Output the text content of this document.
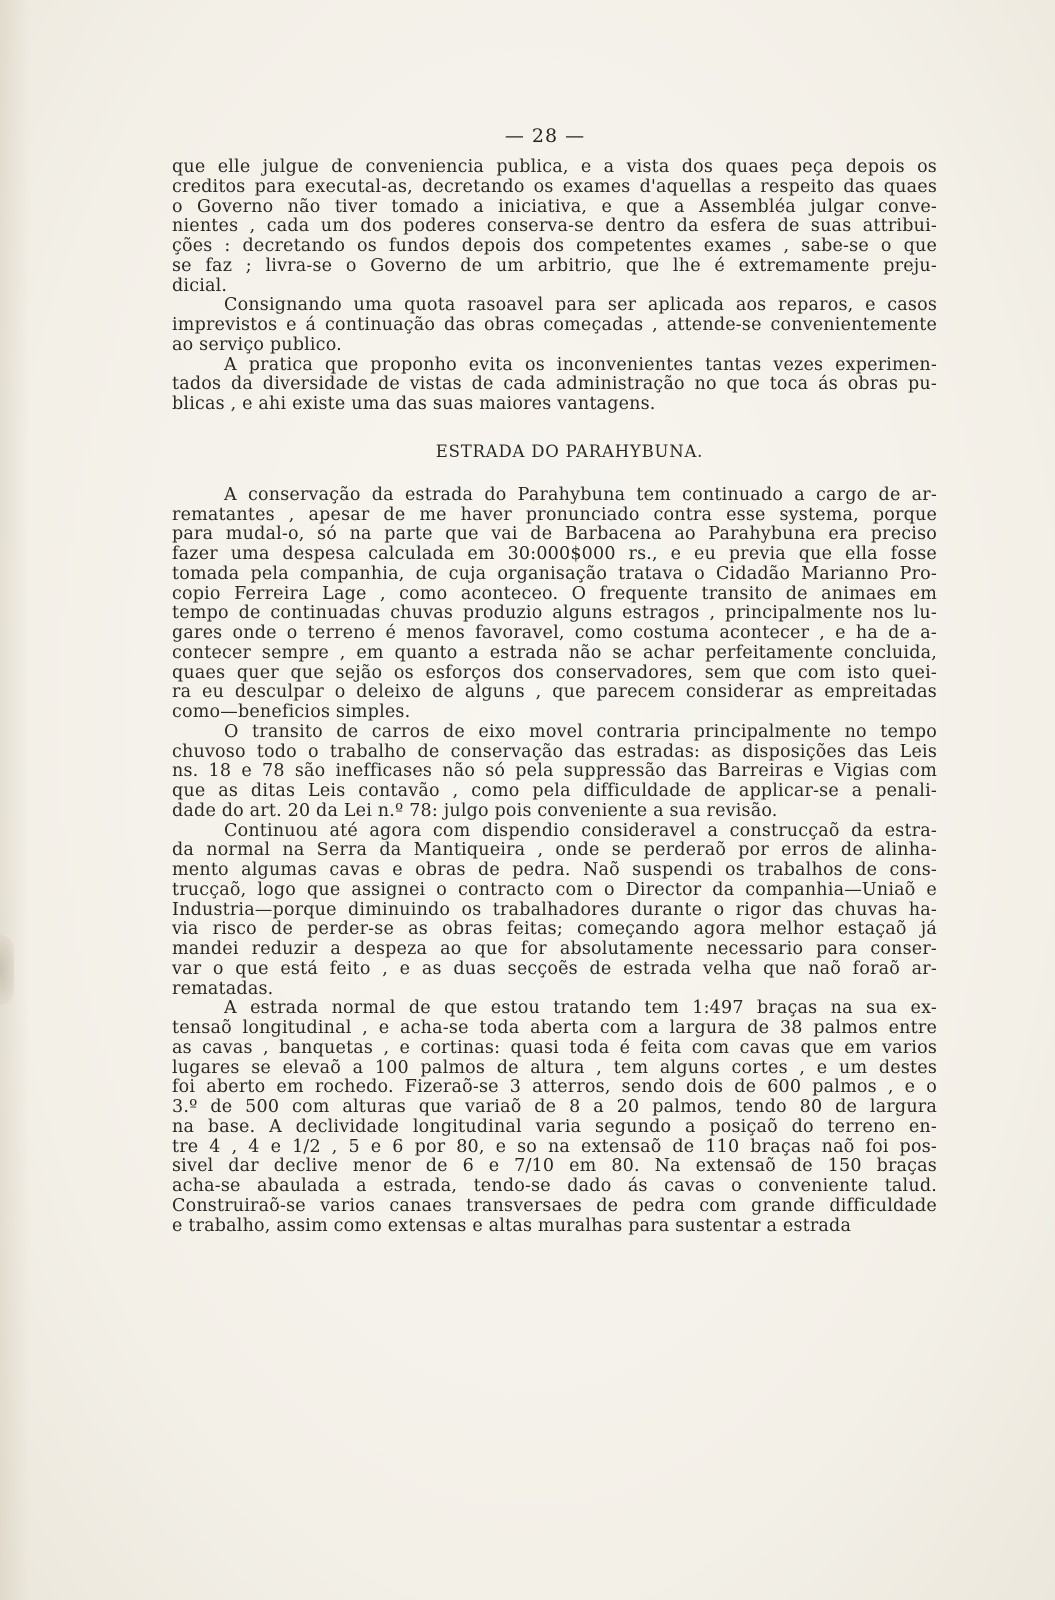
— 28 —
que elle julgue de conveniencia publica, e a vista dos quaes peça depois os
creditos para executal-as, decretando os exames d'aquellas a respeito das quaes
o Governo não tiver tomado a iniciativa, e que a Assembléa julgar conve-
nientes , cada um dos poderes conserva-se dentro da esfera de suas attribui-
ções : decretando os fundos depois dos competentes exames , sabe-se o que
se faz ; livra-se o Governo de um arbitrio, que lhe é extremamente preju-
dicial.
Consignando uma quota rasoavel para ser aplicada aos reparos, e casos
imprevistos e á continuação das obras começadas , attende-se convenientemente
ao serviço publico.
A pratica que proponho evita os inconvenientes tantas vezes experimen-
tados da diversidade de vistas de cada administração no que toca ás obras pu-
blicas , e ahi existe uma das suas maiores vantagens.
ESTRADA DO PARAHYBUNA.
A conservação da estrada do Parahybuna tem continuado a cargo de ar-
rematantes , apesar de me haver pronunciado contra esse systema, porque
para mudal-o, só na parte que vai de Barbacena ao Parahybuna era preciso
fazer uma despesa calculada em 30:000$000 rs., e eu previa que ella fosse
tomada pela companhia, de cuja organisação tratava o Cidadão Marianno Pro-
copio Ferreira Lage , como aconteceo. O frequente transito de animaes em
tempo de continuadas chuvas produzio alguns estragos , principalmente nos lu-
gares onde o terreno é menos favoravel, como costuma acontecer , e ha de a-
contecer sempre , em quanto a estrada não se achar perfeitamente concluida,
quaes quer que sejão os esforços dos conservadores, sem que com isto quei-
ra eu desculpar o deleixo de alguns , que parecem considerar as empreitadas
como—beneficios simples.
O transito de carros de eixo movel contraria principalmente no tempo
chuvoso todo o trabalho de conservação das estradas: as disposições das Leis
ns. 18 e 78 são inefficases não só pela suppressão das Barreiras e Vigias com
que as ditas Leis contavão , como pela difficuldade de applicar-se a penali-
dade do art. 20 da Lei n.º 78: julgo pois conveniente a sua revisão.
Continuou até agora com dispendio consideravel a construcçaõ da estra-
da normal na Serra da Mantiqueira , onde se perderaõ por erros de alinha-
mento algumas cavas e obras de pedra. Naõ suspendi os trabalhos de cons-
trucçaõ, logo que assignei o contracto com o Director da companhia—Uniaõ e
Industria—porque diminuindo os trabalhadores durante o rigor das chuvas ha-
via risco de perder-se as obras feitas; começando agora melhor estaçaõ já
mandei reduzir a despeza ao que for absolutamente necessario para conser-
var o que está feito , e as duas secçoẽs de estrada velha que naõ foraõ ar-
rematadas.
A estrada normal de que estou tratando tem 1:497 braças na sua ex-
tensaõ longitudinal , e acha-se toda aberta com a largura de 38 palmos entre
as cavas , banquetas , e cortinas: quasi toda é feita com cavas que em varios
lugares se elevaõ a 100 palmos de altura , tem alguns cortes , e um destes
foi aberto em rochedo. Fizeraõ-se 3 atterros, sendo dois de 600 palmos , e o
3.º de 500 com alturas que variaõ de 8 a 20 palmos, tendo 80 de largura
na base. A declividade longitudinal varia segundo a posiçaõ do terreno en-
tre 4 , 4 e 1/2 , 5 e 6 por 80, e so na extensaõ de 110 braças naõ foi pos-
sivel dar declive menor de 6 e 7/10 em 80. Na extensaõ de 150 braças
acha-se abaulada a estrada, tendo-se dado ás cavas o conveniente talud.
Construiraõ-se varios canaes transversaes de pedra com grande difficuldade
e trabalho, assim como extensas e altas muralhas para sustentar a estrada
